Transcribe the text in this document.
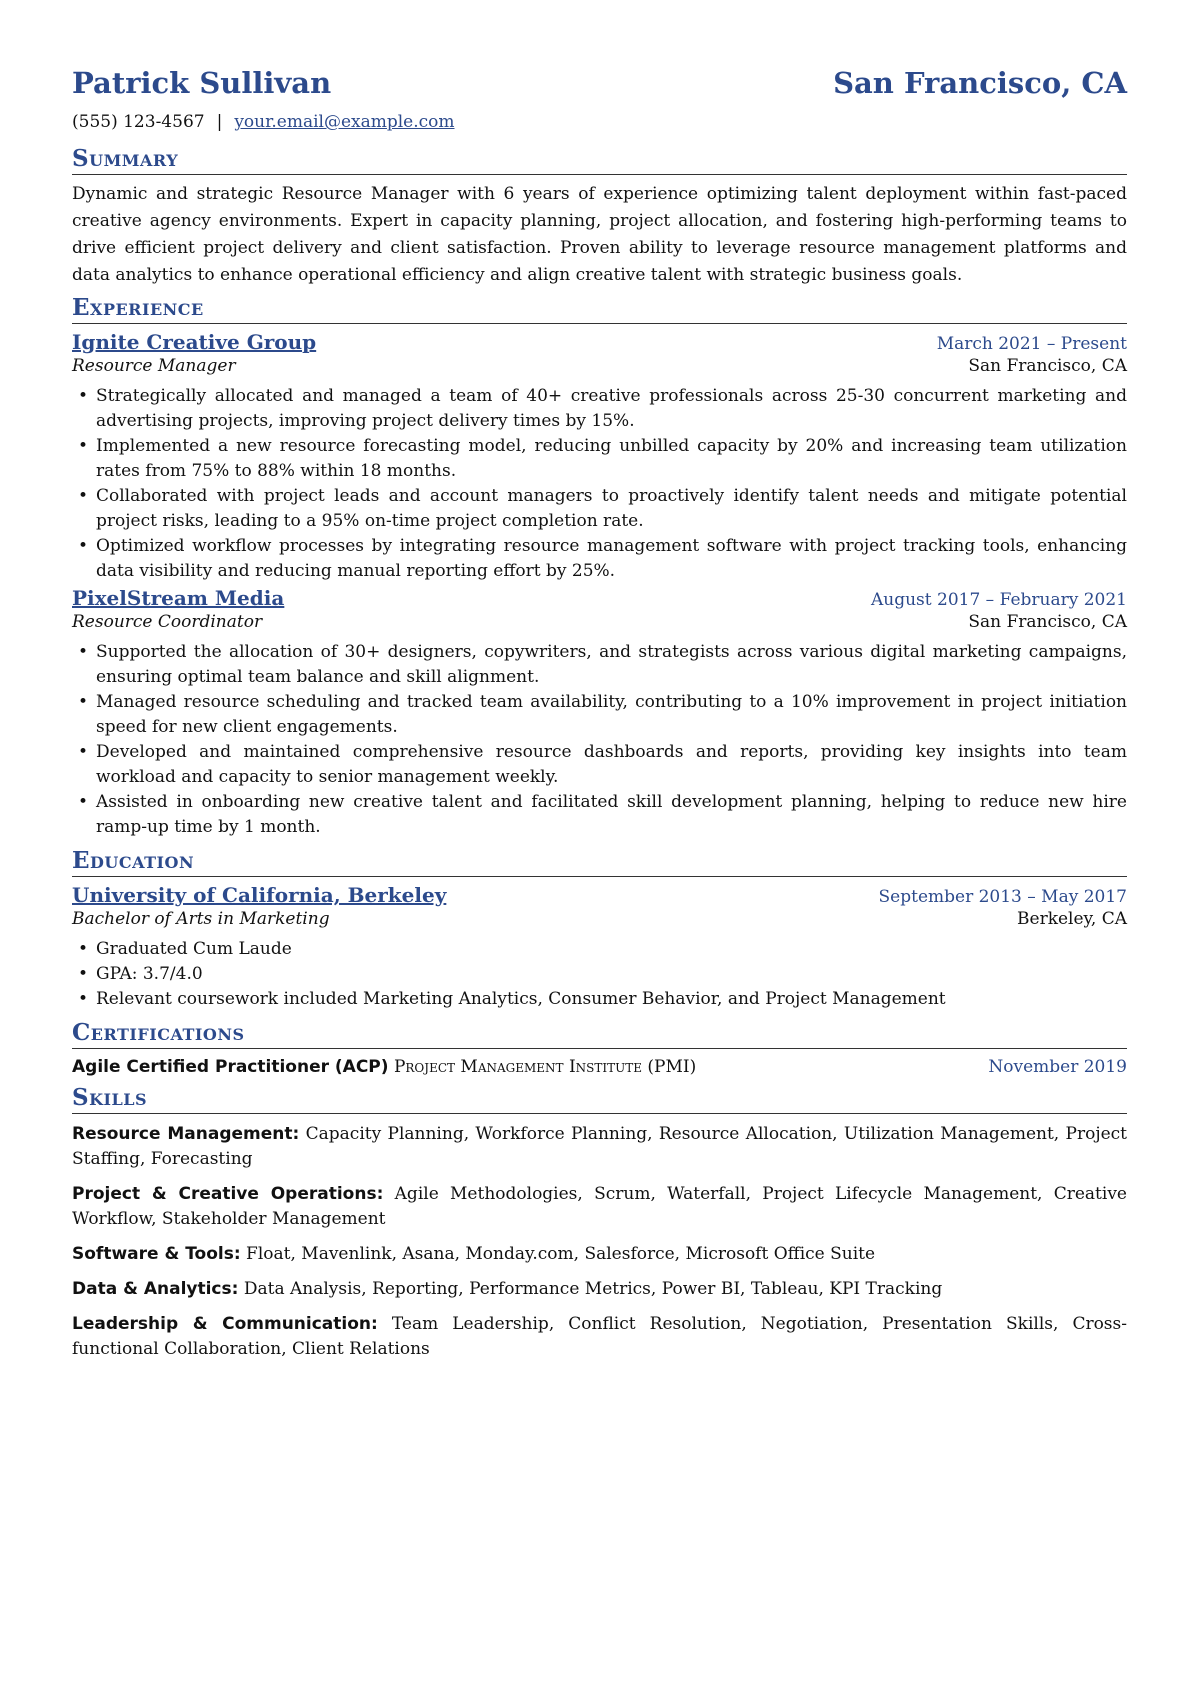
Patrick Sullivan	San Francisco, CA
(555) 123-4567 | your.email@example.com
Summary
Dynamic and strategic Resource Manager with 6 years of experience optimizing talent deployment within fast-paced creative agency environments. Expert in capacity planning, project allocation, and fostering high-performing teams to drive efficient project delivery and client satisfaction. Proven ability to leverage resource management platforms and data analytics to enhance operational efficiency and align creative talent with strategic business goals.
Experience
Ignite Creative Group	March 2021 – Present
Resource Manager	San Francisco, CA
• Strategically allocated and managed a team of 40+ creative professionals across 25-30 concurrent marketing and advertising projects, improving project delivery times by 15%.
• Implemented a new resource forecasting model, reducing unbilled capacity by 20% and increasing team utilization rates from 75% to 88% within 18 months.
• Collaborated with project leads and account managers to proactively identify talent needs and mitigate potential project risks, leading to a 95% on-time project completion rate.
• Optimized workflow processes by integrating resource management software with project tracking tools, enhancing data visibility and reducing manual reporting effort by 25%.
PixelStream Media	August 2017 – February 2021
Resource Coordinator	San Francisco, CA
• Supported the allocation of 30+ designers, copywriters, and strategists across various digital marketing campaigns, ensuring optimal team balance and skill alignment.
• Managed resource scheduling and tracked team availability, contributing to a 10% improvement in project initiation speed for new client engagements.
• Developed and maintained comprehensive resource dashboards and reports, providing key insights into team workload and capacity to senior management weekly.
• Assisted in onboarding new creative talent and facilitated skill development planning, helping to reduce new hire ramp-up time by 1 month.
Education
University of California, Berkeley	September 2013 – May 2017
Bachelor of Arts in Marketing	Berkeley, CA
• Graduated Cum Laude
• GPA: 3.7/4.0
• Relevant coursework included Marketing Analytics, Consumer Behavior, and Project Management
Certifications
Agile Certified Practitioner (ACP) Project Management Institute (PMI)	November 2019
Skills
Resource Management: Capacity Planning, Workforce Planning, Resource Allocation, Utilization Management, Project Staffing, Forecasting
Project & Creative Operations: Agile Methodologies, Scrum, Waterfall, Project Lifecycle Management, Creative Workflow, Stakeholder Management
Software & Tools: Float, Mavenlink, Asana, Monday.com, Salesforce, Microsoft Office Suite
Data & Analytics: Data Analysis, Reporting, Performance Metrics, Power BI, Tableau, KPI Tracking
Leadership & Communication: Team Leadership, Conflict Resolution, Negotiation, Presentation Skills, Cross-functional Collaboration, Client Relations
